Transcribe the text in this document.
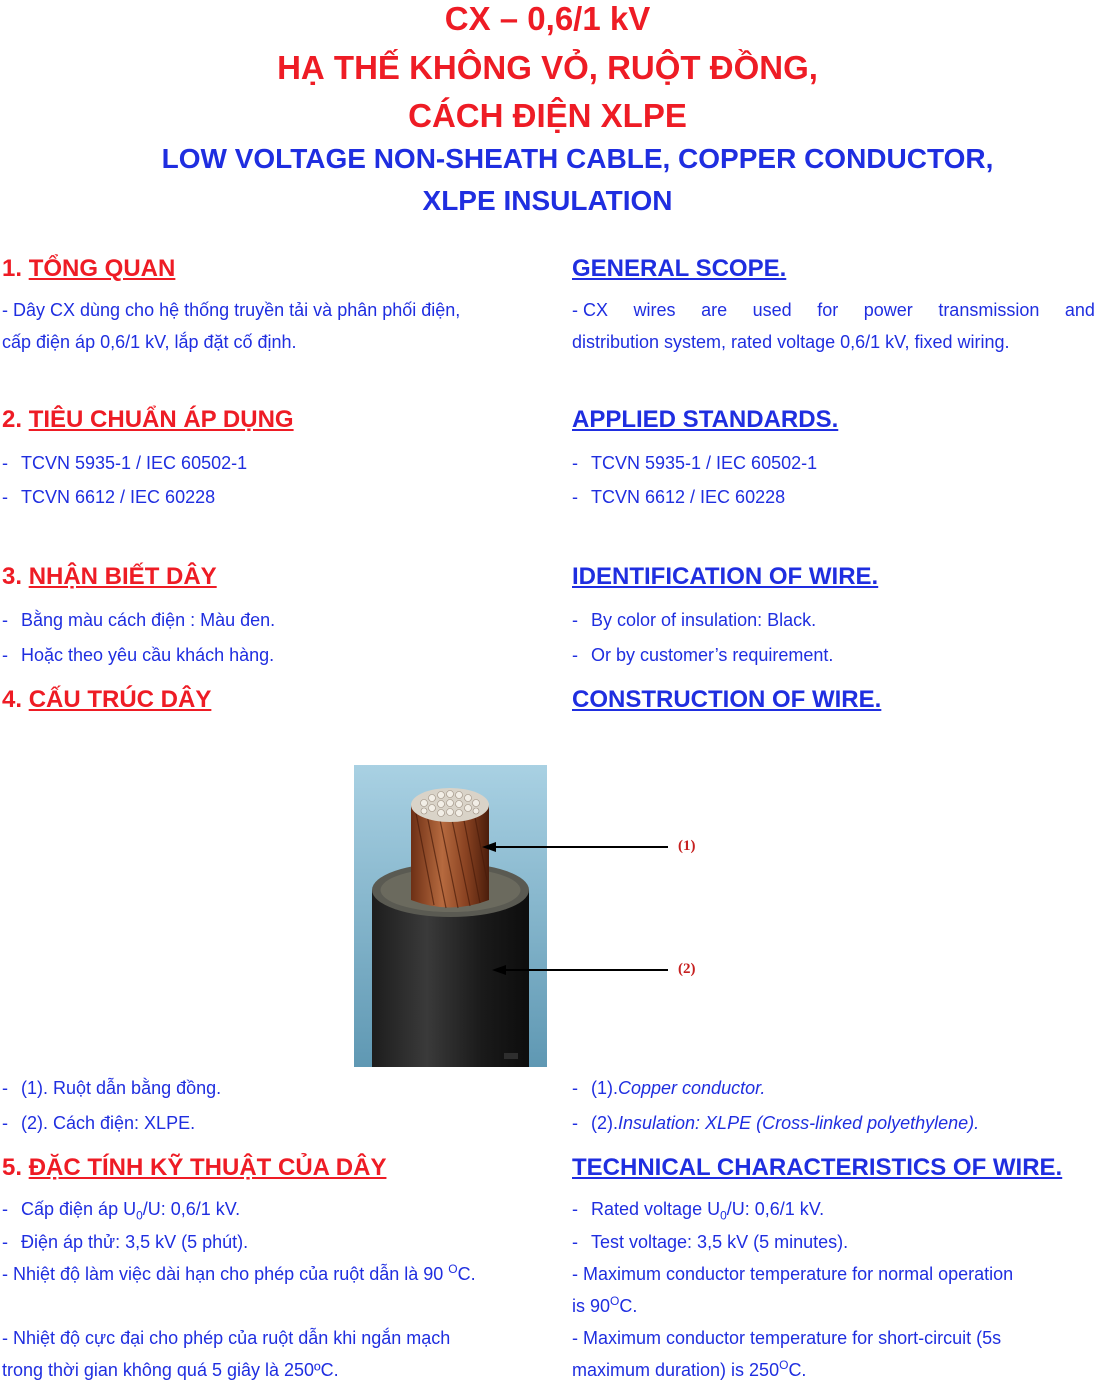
CX – 0,6/1 kV
HẠ THẾ KHÔNG VỎ, RUỘT ĐỒNG,
CÁCH ĐIỆN XLPE
LOW VOLTAGE NON-SHEATH CABLE, COPPER CONDUCTOR,
XLPE INSULATION
1. TỔNG QUAN	GENERAL SCOPE.
- Dây CX dùng cho hệ thống truyền tải và phân phối điện,
cấp điện áp 0,6/1 kV, lắp đặt cố định.
- CX wires are used for power transmission and
distribution system, rated voltage 0,6/1 kV, fixed wiring.
2. TIÊU CHUẨN ÁP DỤNG	APPLIED STANDARDS.
- TCVN 5935-1 / IEC 60502-1
- TCVN 6612 / IEC 60228
- TCVN 5935-1 / IEC 60502-1
- TCVN 6612 / IEC 60228
3. NHẬN BIẾT DÂY	IDENTIFICATION OF WIRE.
- Bằng màu cách điện : Màu đen.
- Hoặc theo yêu cầu khách hàng.
- By color of insulation: Black.
- Or by customer’s requirement.
4. CẤU TRÚC DÂY	CONSTRUCTION OF WIRE.
(1)
(2)
- (1). Ruột dẫn bằng đồng.
- (2). Cách điện: XLPE.
- (1).Copper conductor.
- (2).Insulation: XLPE (Cross-linked polyethylene).
5. ĐẶC TÍNH KỸ THUẬT CỦA DÂY	TECHNICAL CHARACTERISTICS OF WIRE.
- Cấp điện áp $U_0/U$: 0,6/1 kV.
- Điện áp thử: 3,5 kV (5 phút).
- Nhiệt độ làm việc dài hạn cho phép của ruột dẫn là 90 $^O$C.
- Nhiệt độ cực đại cho phép của ruột dẫn khi ngắn mạch
trong thời gian không quá 5 giây là 250ºC.
- Rated voltage $U_0/U$: 0,6/1 kV.
- Test voltage: 3,5 kV (5 minutes).
- Maximum conductor temperature for normal operation
is $90^OC$.
- Maximum conductor temperature for short-circuit (5s
maximum duration) is $250^OC$.
